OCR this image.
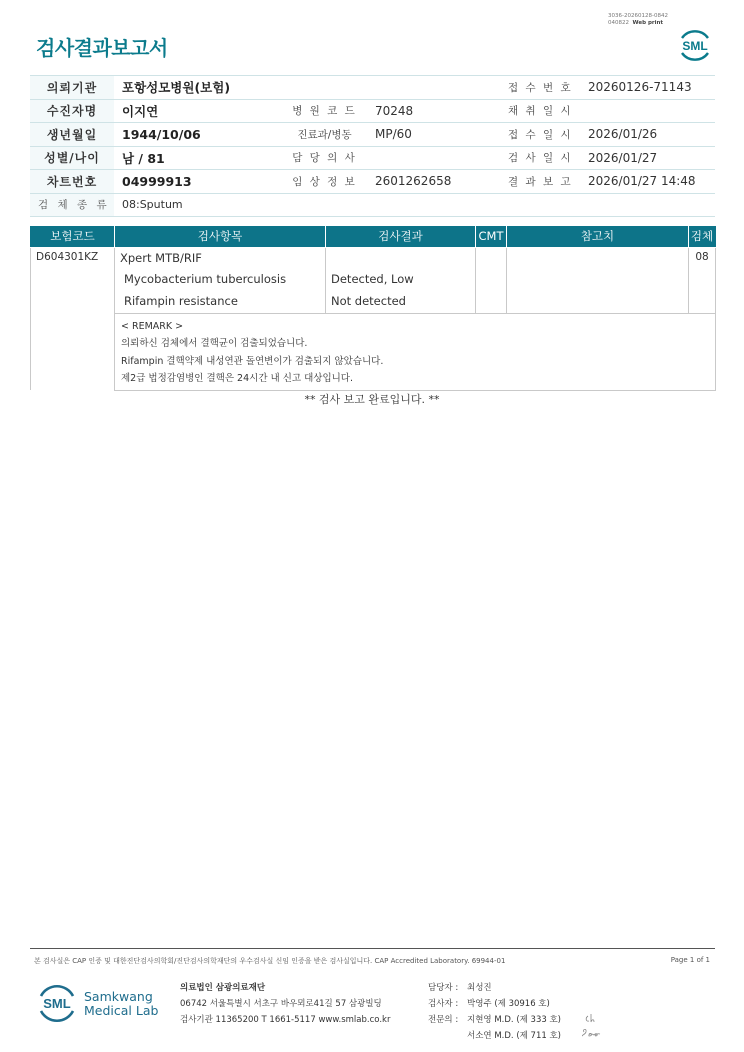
3036-20260128-0842
040822 Web print
검사결과보고서	SML
의뢰기관	포항성모병원(보험)			접 수 번 호	20260126-71143
수진자명	이지연	병 원 코 드	70248	채 취 일 시	
생년월일	1944/10/06	진료과/병동	MP/60	접 수 일 시	2026/01/26
성별/나이	남 / 81	담 당 의 사		검 사 일 시	2026/01/27
차트번호	04999913	임 상 정 보	2601262658	결 과 보 고	2026/01/27 14:48
검 체 종 류	08:Sputum				
보험코드	검사항목	검사결과	CMT	참고치	검체
D604301KZ	Xpert MTB/RIF				08
	Mycobacterium tuberculosis	Detected, Low			
	Rifampin resistance	Not detected			

	< REMARK >
의뢰하신 검체에서 결핵균이 검출되었습니다.
Rifampin 결핵약제 내성연관 돌연변이가 검출되지 않았습니다.
제2급 법정감염병인 결핵은 24시간 내 신고 대상입니다.				
** 검사 보고 완료입니다. **
본 검사실은 CAP 인증 및 대한진단검사의학회/진단검사의학재단의 우수검사실 신임 인증을 받은 검사실입니다. CAP Accredited Laboratory. 69944-01	Page 1 of 1
SML Samkwang
Medical Lab
의료법인 삼광의료재단
06742 서울특별시 서초구 바우뫼로41길 57 삼광빌딩
검사기관 11365200 T 1661-5117 www.smlab.co.kr
담당자 :	최성진
검사자 :	박영주 (제 30916 호)
전문의 :	지현영 M.D. (제 333 호)
서소연 M.D. (제 711 호)
